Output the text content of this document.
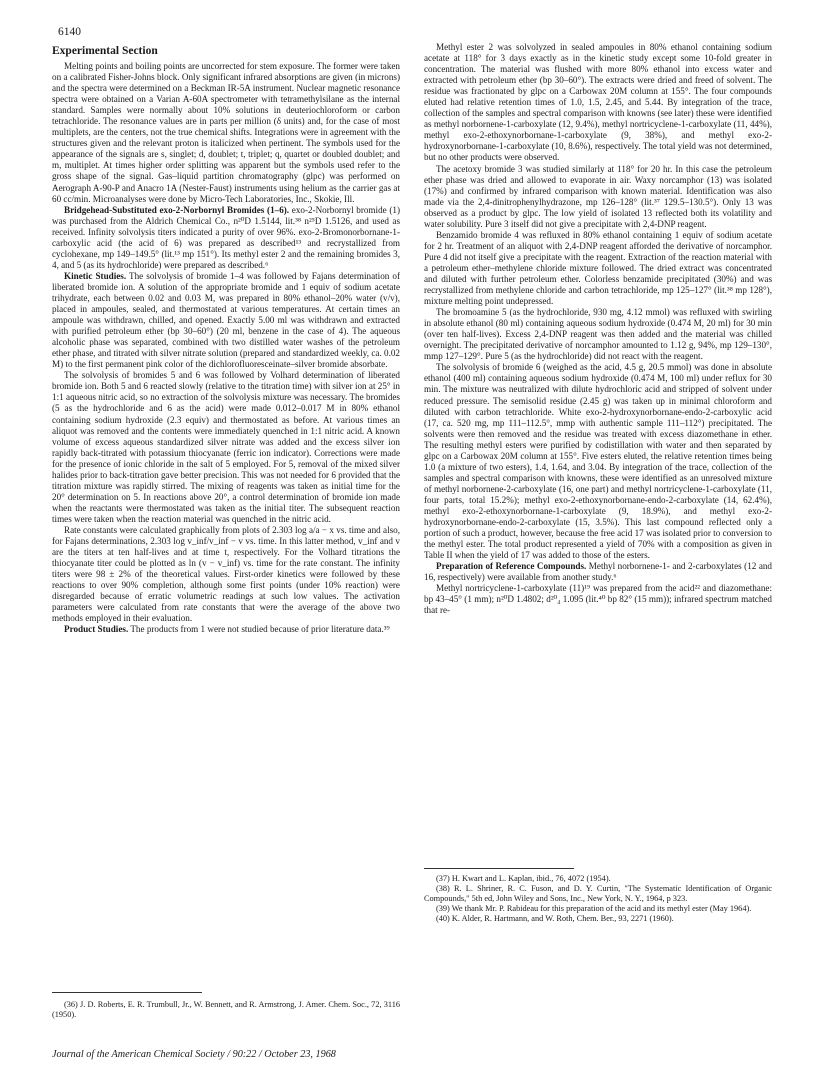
6140
Experimental Section

Melting points and boiling points are uncorrected for stem exposure. The former were taken on a calibrated Fisher-Johns block. Only significant infrared absorptions are given (in microns) and the spectra were determined on a Beckman IR-5A instrument. Nuclear magnetic resonance spectra were obtained on a Varian A-60A spectrometer with tetramethylsilane as the internal standard. Samples were normally about 10% solutions in deuteriochloroform or carbon tetrachloride. The resonance values are in parts per million (δ units) and, for the case of most multiplets, are the centers, not the true chemical shifts. Integrations were in agreement with the structures given and the relevant proton is italicized when pertinent. The symbols used for the appearance of the signals are s, singlet; d, doublet; t, triplet; q, quartet or doubled doublet; and m, multiplet. At times higher order splitting was apparent but the symbols used refer to the gross shape of the signal. Gas–liquid partition chromatography (glpc) was performed on Aerograph A-90-P and Anacro 1A (Nester-Faust) instruments using helium as the carrier gas at 60 cc/min. Microanalyses were done by Micro-Tech Laboratories, Inc., Skokie, Ill.

Bridgehead-Substituted exo-2-Norbornyl Bromides (1–6). exo-2-Norbornyl bromide (1) was purchased from the Aldrich Chemical Co., n²⁰D 1.5144, lit.³⁸ n²⁵D 1.5126, and used as received. Infinity solvolysis titers indicated a purity of over 96%. exo-2-Bromonorbornane-1-carboxylic acid (the acid of 6) was prepared as described¹³ and recrystallized from cyclohexane, mp 149–149.5° (lit.¹³ mp 151°). Its methyl ester 2 and the remaining bromides 3, 4, and 5 (as its hydrochloride) were prepared as described.⁶

Kinetic Studies. The solvolysis of bromide 1–4 was followed by Fajans determination of liberated bromide ion. A solution of the appropriate bromide and 1 equiv of sodium acetate trihydrate, each between 0.02 and 0.03 M, was prepared in 80% ethanol–20% water (v/v), placed in ampoules, sealed, and thermostated at various temperatures. At certain times an ampoule was withdrawn, chilled, and opened. Exactly 5.00 ml was withdrawn and extracted with purified petroleum ether (bp 30–60°) (20 ml, benzene in the case of 4). The aqueous alcoholic phase was separated, combined with two distilled water washes of the petroleum ether phase, and titrated with silver nitrate solution (prepared and standardized weekly, ca. 0.02 M) to the first permanent pink color of the dichlorofluoresceinate–silver bromide absorbate.

The solvolysis of bromides 5 and 6 was followed by Volhard determination of liberated bromide ion. Both 5 and 6 reacted slowly (relative to the titration time) with silver ion at 25° in 1:1 aqueous nitric acid, so no extraction of the solvolysis mixture was necessary. The bromides (5 as the hydrochloride and 6 as the acid) were made 0.012–0.017 M in 80% ethanol containing sodium hydroxide (2.3 equiv) and thermostated as before. At various times an aliquot was removed and the contents were immediately quenched in 1:1 nitric acid. A known volume of excess aqueous standardized silver nitrate was added and the excess silver ion rapidly back-titrated with potassium thiocyanate (ferric ion indicator). Corrections were made for the presence of ionic chloride in the salt of 5 employed. For 5, removal of the mixed silver halides prior to back-titration gave better precision. This was not needed for 6 provided that the titration mixture was rapidly stirred. The mixing of reagents was taken as initial time for the 20° determination on 5. In reactions above 20°, a control determination of bromide ion made when the reactants were thermostated was taken as the initial titer. The subsequent reaction times were taken when the reaction material was quenched in the nitric acid.

Rate constants were calculated graphically from plots of 2.303 log a/a − x vs. time and also, for Fajans determinations, 2.303 log v_inf/v_inf − v vs. time. In this latter method, v_inf and v are the titers at ten half-lives and at time t, respectively. For the Volhard titrations the thiocyanate titer could be plotted as ln (v − v_inf) vs. time for the rate constant. The infinity titers were 98 ± 2% of the theoretical values. First-order kinetics were followed by these reactions to over 90% completion, although some first points (under 10% reaction) were disregarded because of erratic volumetric readings at such low values. The activation parameters were calculated from rate constants that were the average of the above two methods employed in their evaluation.

Product Studies. The products from 1 were not studied because of prior literature data.³⁹

Methyl ester 2 was solvolyzed in sealed ampoules in 80% ethanol containing sodium acetate at 118° for 3 days exactly as in the kinetic study except some 10-fold greater in concentration. The material was flushed with more 80% ethanol into excess water and extracted with petroleum ether (bp 30–60°). The extracts were dried and freed of solvent. The residue was fractionated by glpc on a Carbowax 20M column at 155°. The four compounds eluted had relative retention times of 1.0, 1.5, 2.45, and 5.44. By integration of the trace, collection of the samples and spectral comparison with knowns (see later) these were identified as methyl norbornene-1-carboxylate (12, 9.4%), methyl nortricyclene-1-carboxylate (11, 44%), methyl exo-2-ethoxynorbornane-1-carboxylate (9, 38%), and methyl exo-2-hydroxynorbornane-1-carboxylate (10, 8.6%), respectively. The total yield was not determined, but no other products were observed.

The acetoxy bromide 3 was studied similarly at 118° for 20 hr. In this case the petroleum ether phase was dried and allowed to evaporate in air. Waxy norcamphor (13) was isolated (17%) and confirmed by infrared comparison with known material. Identification was also made via the 2,4-dinitrophenylhydrazone, mp 126–128° (lit.³⁷ 129.5–130.5°). Only 13 was observed as a product by glpc. The low yield of isolated 13 reflected both its volatility and water solubility. Pure 3 itself did not give a precipitate with 2,4-DNP reagent.

Benzamido bromide 4 was refluxed in 80% ethanol containing 1 equiv of sodium acetate for 2 hr. Treatment of an aliquot with 2,4-DNP reagent afforded the derivative of norcamphor. Pure 4 did not itself give a precipitate with the reagent. Extraction of the reaction material with a petroleum ether–methylene chloride mixture followed. The dried extract was concentrated and diluted with further petroleum ether. Colorless benzamide precipitated (30%) and was recrystallized from methylene chloride and carbon tetrachloride, mp 125–127° (lit.³⁸ mp 128°), mixture melting point undepressed.

The bromoamine 5 (as the hydrochloride, 930 mg, 4.12 mmol) was refluxed with swirling in absolute ethanol (80 ml) containing aqueous sodium hydroxide (0.474 M, 20 ml) for 30 min (over ten half-lives). Excess 2,4-DNP reagent was then added and the material was chilled overnight. The precipitated derivative of norcamphor amounted to 1.12 g, 94%, mp 129–130°, mmp 127–129°. Pure 5 (as the hydrochloride) did not react with the reagent.

The solvolysis of bromide 6 (weighed as the acid, 4.5 g, 20.5 mmol) was done in absolute ethanol (400 ml) containing aqueous sodium hydroxide (0.474 M, 100 ml) under reflux for 30 min. The mixture was neutralized with dilute hydrochloric acid and stripped of solvent under reduced pressure. The semisolid residue (2.45 g) was taken up in minimal chloroform and diluted with carbon tetrachloride. White exo-2-hydroxynorbornane-endo-2-carboxylic acid (17, ca. 520 mg, mp 111–112.5°, mmp with authentic sample 111–112°) precipitated. The solvents were then removed and the residue was treated with excess diazomethane in ether. The resulting methyl esters were purified by codistillation with water and then separated by glpc on a Carbowax 20M column at 155°. Five esters eluted, the relative retention times being 1.0 (a mixture of two esters), 1.4, 1.64, and 3.04. By integration of the trace, collection of the samples and spectral comparison with knowns, these were identified as an unresolved mixture of methyl norbornene-2-carboxylate (16, one part) and methyl nortricyclene-1-carboxylate (11, four parts, total 15.2%); methyl exo-2-ethoxynorbornane-endo-2-carboxylate (14, 62.4%), methyl exo-2-ethoxynorbornane-1-carboxylate (9, 18.9%), and methyl exo-2-hydroxynorbornane-endo-2-carboxylate (15, 3.5%). This last compound reflected only a portion of such a product, however, because the free acid 17 was isolated prior to conversion to the methyl ester. The total product represented a yield of 70% with a composition as given in Table II when the yield of 17 was added to those of the esters.

Preparation of Reference Compounds. Methyl norbornene-1- and 2-carboxylates (12 and 16, respectively) were available from another study.⁶

Methyl nortricyclene-1-carboxylate (11)¹⁹ was prepared from the acid²² and diazomethane: bp 43–45° (1 mm); n²⁰D 1.4802; d²⁰₄ 1.095 (lit.⁴⁰ bp 82° (15 mm)); infrared spectrum matched that re-

(36) J. D. Roberts, E. R. Trumbull, Jr., W. Bennett, and R. Armstrong, J. Amer. Chem. Soc., 72, 3116 (1950).

(37) H. Kwart and L. Kaplan, ibid., 76, 4072 (1954).

(38) R. L. Shriner, R. C. Fuson, and D. Y. Curtin, "The Systematic Identification of Organic Compounds," 5th ed, John Wiley and Sons, Inc., New York, N. Y., 1964, p 323.

(39) We thank Mr. P. Rabideau for this preparation of the acid and its methyl ester (May 1964).

(40) K. Alder, R. Hartmann, and W. Roth, Chem. Ber., 93, 2271 (1960).

Journal of the American Chemical Society / 90:22 / October 23, 1968
